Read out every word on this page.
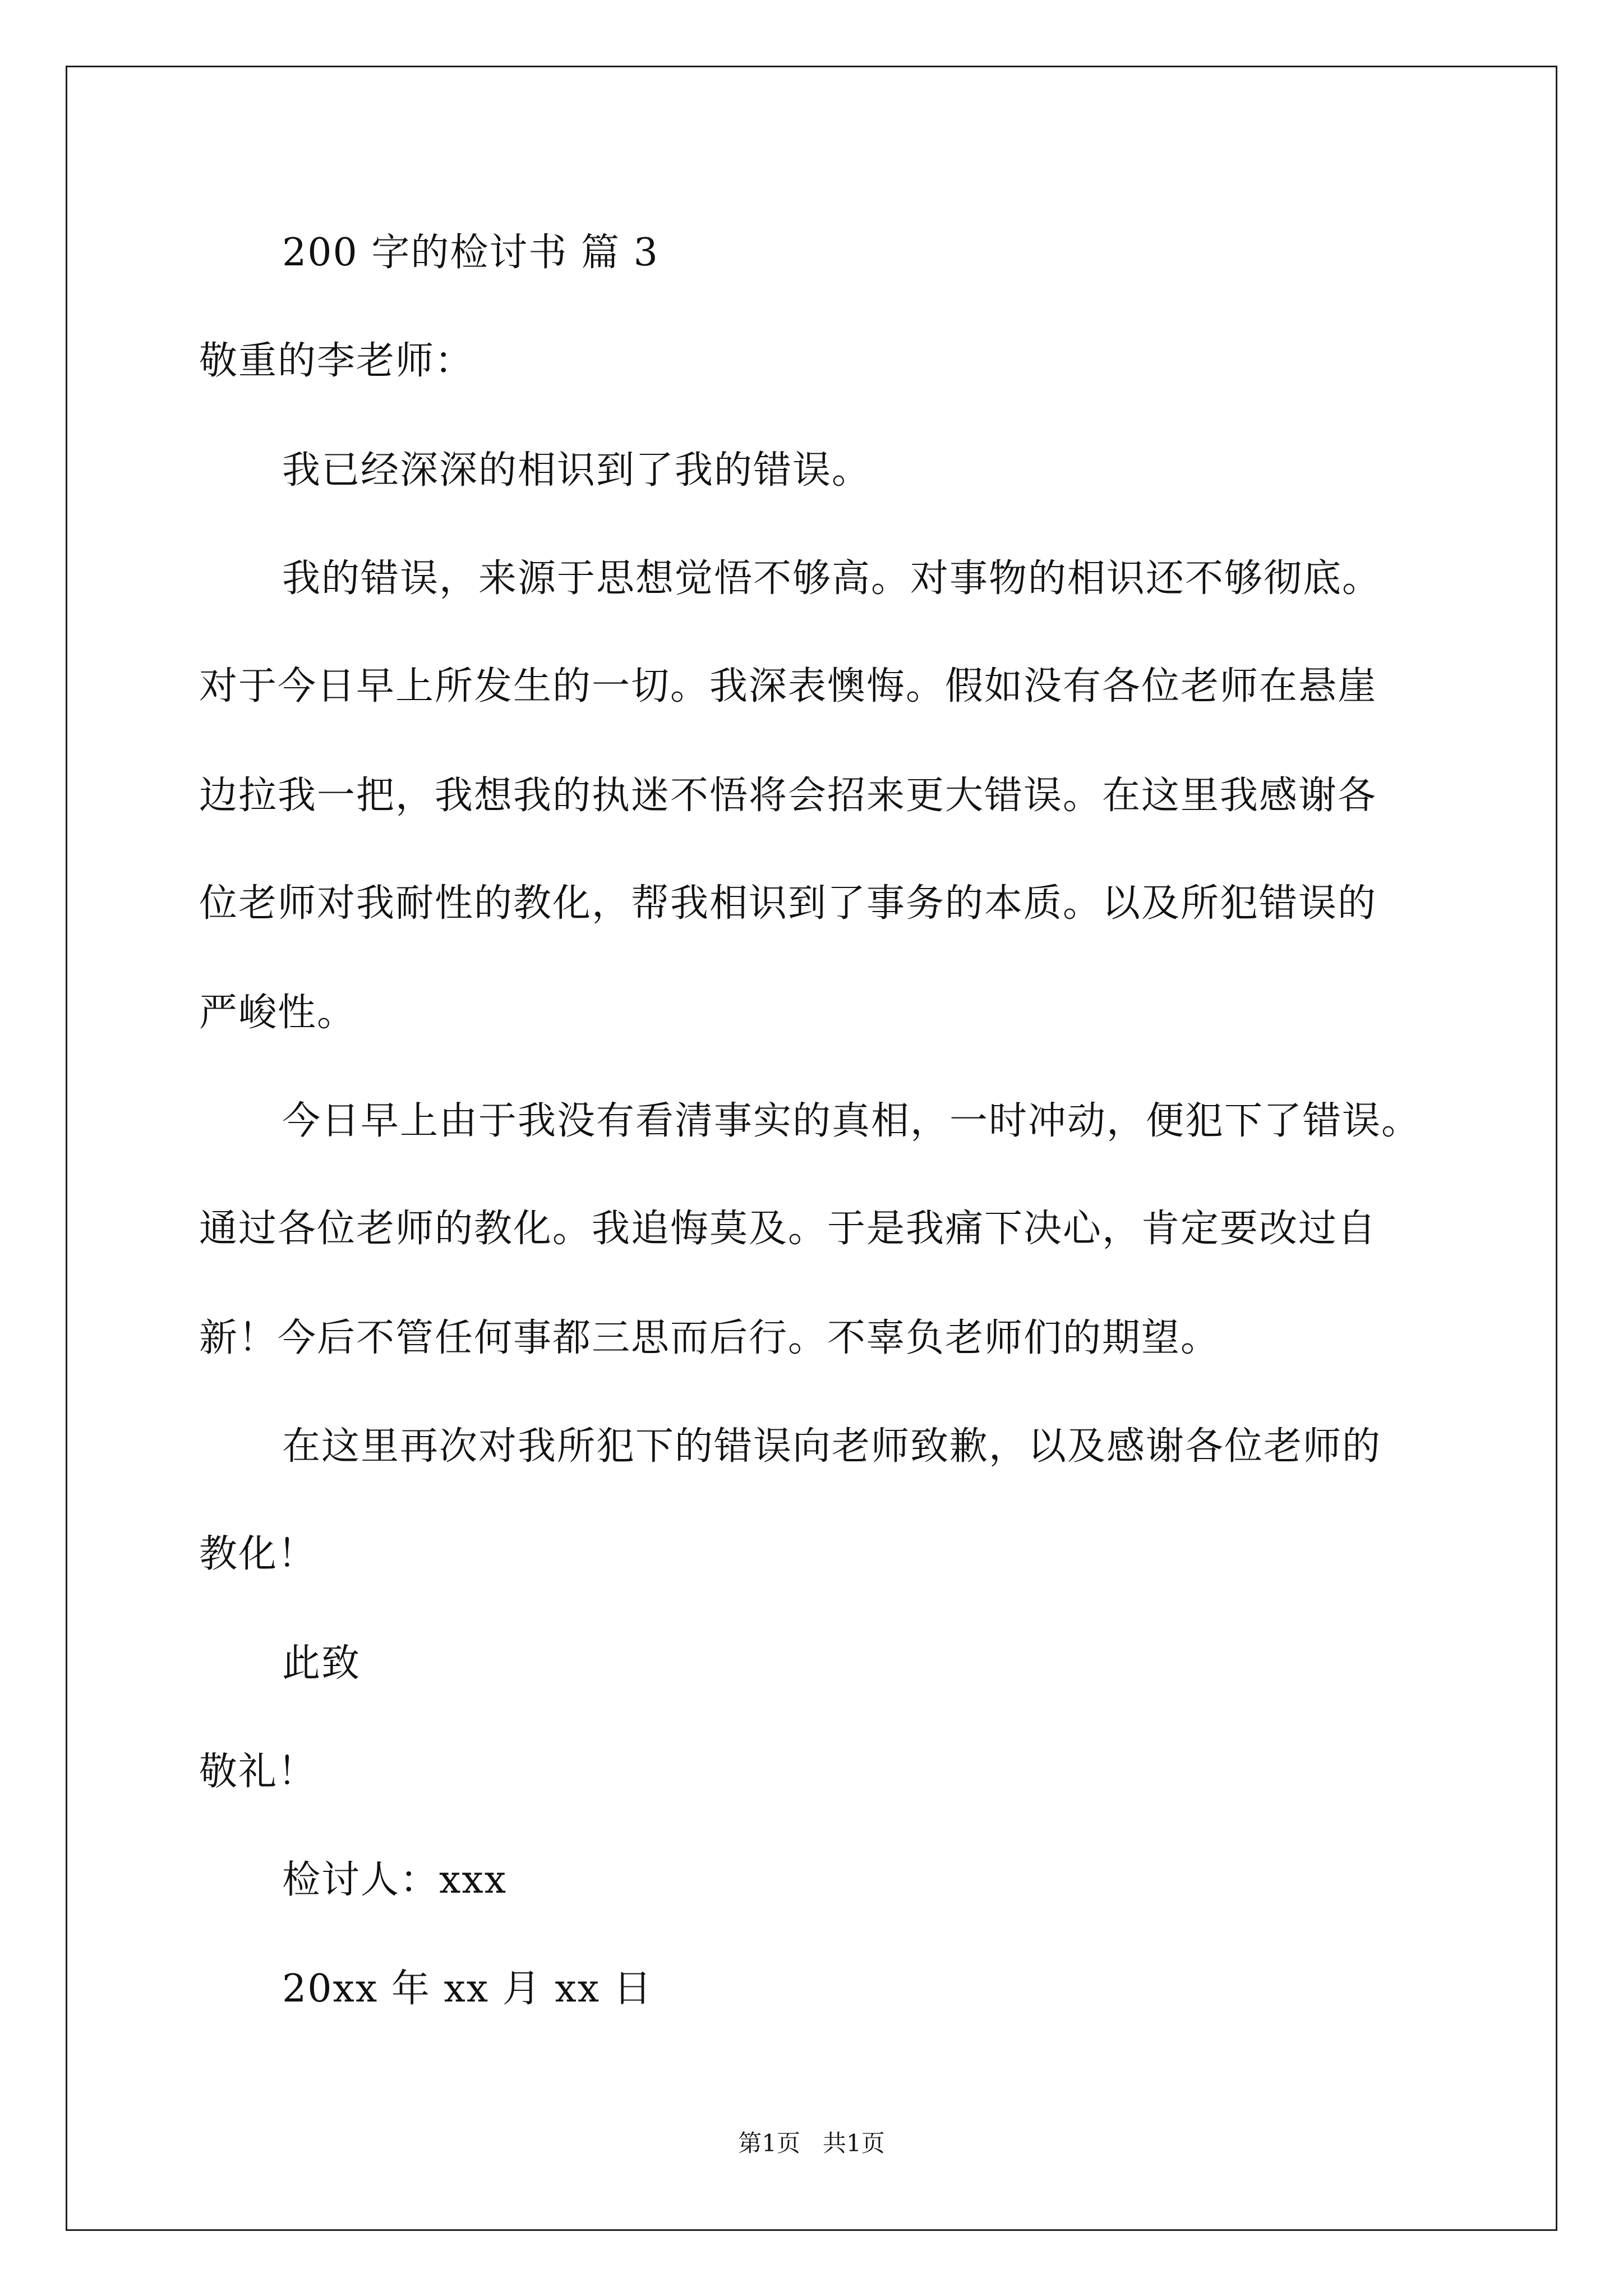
200 字的检讨书 篇 3
敬重的李老师：
我已经深深的相识到了我的错误。
我的错误，来源于思想觉悟不够高。对事物的相识还不够彻底。
对于今日早上所发生的一切。我深表懊悔。假如没有各位老师在悬崖
边拉我一把，我想我的执迷不悟将会招来更大错误。在这里我感谢各
位老师对我耐性的教化，帮我相识到了事务的本质。以及所犯错误的
严峻性。
今日早上由于我没有看清事实的真相，一时冲动，便犯下了错误。
通过各位老师的教化。我追悔莫及。于是我痛下决心，肯定要改过自
新！今后不管任何事都三思而后行。不辜负老师们的期望。
在这里再次对我所犯下的错误向老师致歉，以及感谢各位老师的
教化！
此致
敬礼！
检讨人：xxx
20xx 年 xx 月 xx 日
第1页   共1页
